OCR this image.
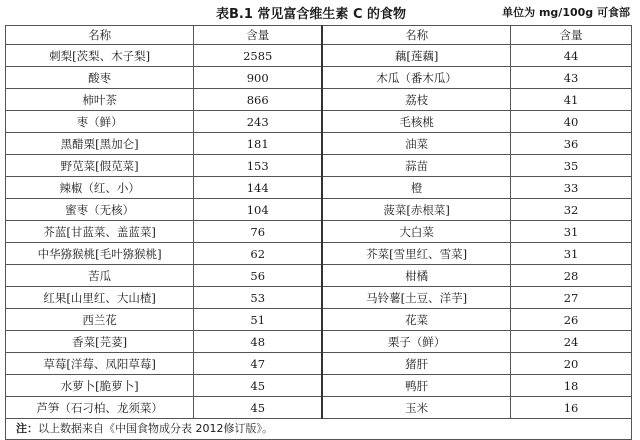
表B.1 常见富含维生素 C 的食物	单位为 mg/100g 可食部
名称	含量	名称	含量
刺梨[茨梨、木子梨]	2585	藕[莲藕]	44
酸枣	900	木瓜（番木瓜）	43
柿叶茶	866	荔枝	41
枣（鲜）	243	毛核桃	40
黑醋栗[黑加仑]	181	油菜	36
野苋菜[假苋菜]	153	蒜苗	35
辣椒（红、小）	144	橙	33
蜜枣（无核）	104	菠菜[赤根菜]	32
芥蓝[甘蓝菜、盖蓝菜]	76	大白菜	31
中华猕猴桃[毛叶猕猴桃]	62	芥菜[雪里红、雪菜]	31
苦瓜	56	柑橘	28
红果[山里红、大山楂]	53	马铃薯[土豆、洋芋]	27
西兰花	51	花菜	26
香菜[芫荽]	48	栗子（鲜）	24
草莓[洋莓、凤阳草莓]	47	猪肝	20
水萝卜[脆萝卜]	45	鸭肝	18
芦笋（石刁柏、龙须菜）	45	玉米	16
注：以上数据来自《中国食物成分表 2012修订版》。			
